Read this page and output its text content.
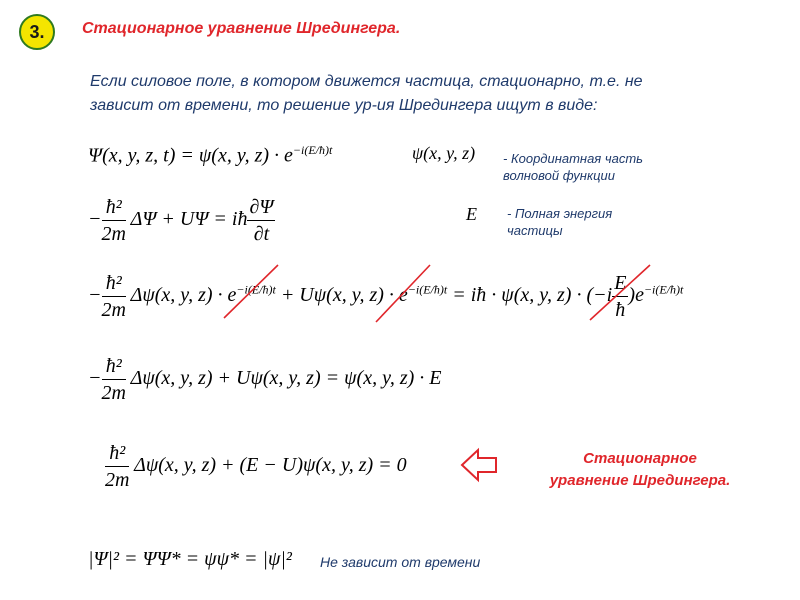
3.	Стационарное уравнение Шредингера.
Если силовое поле, в котором движется частица, стационарно, т.е. не
зависит от времени, то решение ур-ия Шредингера ищут в виде:
Ψ(x, y, z, t) = ψ(x, y, $z) \cdot e^{-i(E/ħ)t}$	ψ(x, y, z) - Координатная часть волновой функции
− $\frac{\text{ħ²}}{2m}$ ΔΨ + UΨ = iħ $\frac{\partial\Psi}{\partial t}$	E - Полная энергия частицы
− $\frac{\text{ħ²}}{2m} \Delta\psi(x$, y, $z) \cdot e^{-i(E/ħ)t} + U\psi(x$, y, $z) \cdot e^{-i(E/ħ)t}$ = iħ · ψ(x, y, $z) \cdot (-i \frac{E}{ħ} )e^{-i(E/ħ)t}$
− $\frac{\text{ħ²}}{2m} \Delta\psi(x$, y, z) + Uψ(x, y, z) = ψ(x, y, z) · E
$\frac{\text{ħ²}}{2m} \Delta\psi(x$, y, z) + (E − U)ψ(x, y, z) = 0	Стационарное
уравнение Шредингера.
|Ψ|² = ΨΨ* = ψψ* = |ψ|² Не зависит от времени
